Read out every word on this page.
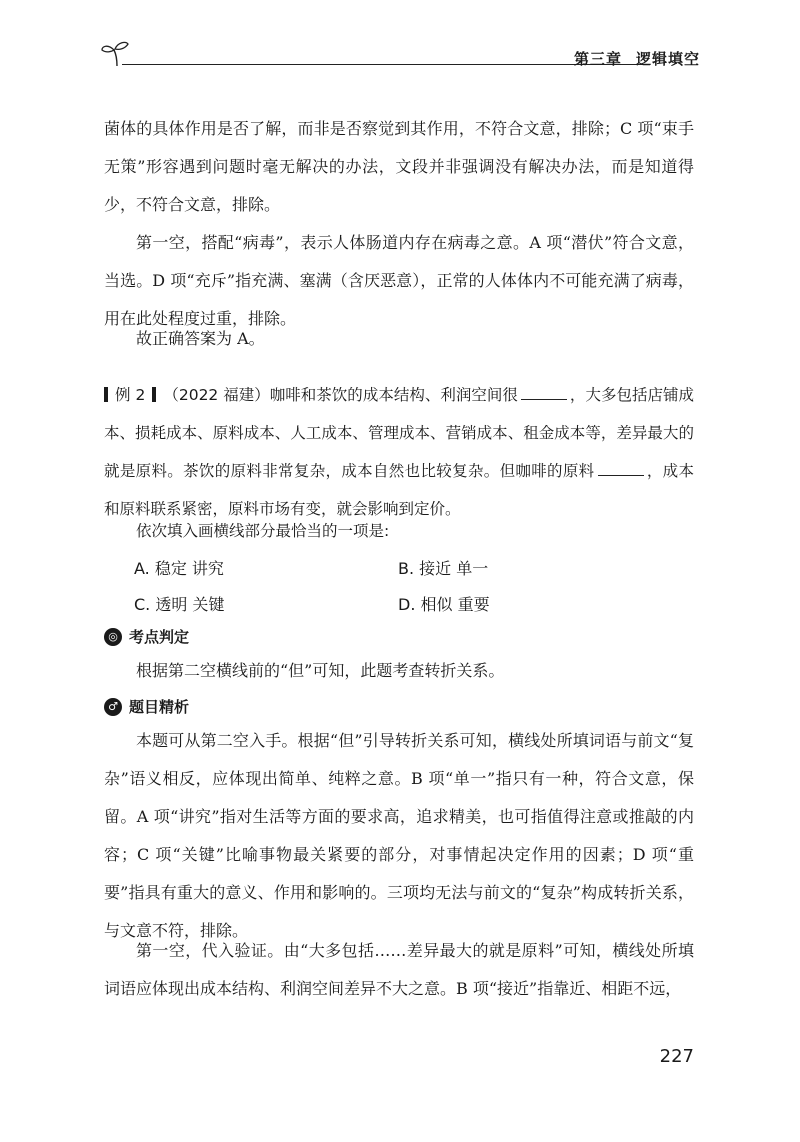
第三章 逻辑填空
菌体的具体作用是否了解，而非是否察觉到其作用，不符合文意，排除；C 项“束手无策”形容遇到问题时毫无解决的办法，文段并非强调没有解决办法，而是知道得少，不符合文意，排除。
第一空，搭配“病毒”，表示人体肠道内存在病毒之意。A 项“潜伏”符合文意，当选。D 项“充斥”指充满、塞满（含厌恶意），正常的人体体内不可能充满了病毒，用在此处程度过重，排除。
故正确答案为 A。
例 2 （2022 福建）咖啡和茶饮的成本结构、利润空间很	，大多包括店铺成本、损耗成本、原料成本、人工成本、管理成本、营销成本、租金成本等，差异最大的就是原料。茶饮的原料非常复杂，成本自然也比较复杂。但咖啡的原料	，成本和原料联系紧密，原料市场有变，就会影响到定价。
依次填入画横线部分最恰当的一项是:
A. 稳定 讲究	B. 接近 单一
C. 透明 关键	D. 相似 重要
◎ 考点判定
根据第二空横线前的“但”可知，此题考查转折关系。
♂ 题目精析
本题可从第二空入手。根据“但”引导转折关系可知，横线处所填词语与前文“复杂”语义相反，应体现出简单、纯粹之意。B 项“单一”指只有一种，符合文意，保留。A 项“讲究”指对生活等方面的要求高，追求精美，也可指值得注意或推敲的内容；C 项“关键”比喻事物最关紧要的部分，对事情起决定作用的因素；D 项“重要”指具有重大的意义、作用和影响的。三项均无法与前文的“复杂”构成转折关系，与文意不符，排除。
第一空，代入验证。由“大多包括……差异最大的就是原料”可知，横线处所填词语应体现出成本结构、利润空间差异不大之意。B 项“接近”指靠近、相距不远，
227
